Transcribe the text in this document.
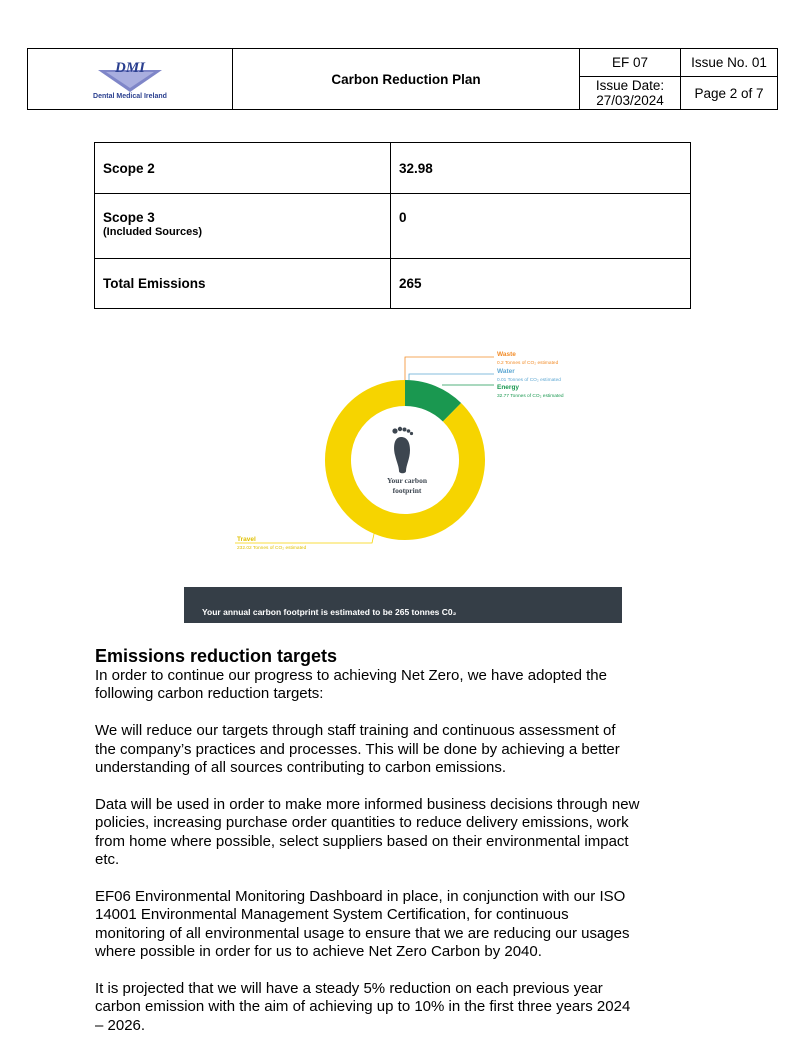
DMI
Dental Medical Ireland
Carbon Reduction Plan
EF 07	Issue No. 01
Issue Date:
27/03/2024	Page 2 of 7
Scope 2	32.98
Scope 3
(Included Sources)	0
Total Emissions	265
Waste
0.2 Tonnes of CO₂ estimated
Water
0.01 Tonnes of CO₂ estimated
Energy
32.77 Tonnes of CO₂ estimated
Travel
232.02 Tonnes of CO₂ estimated
Your carbon
footprint
Your annual carbon footprint is estimated to be 265 tonnes C0₂
Emissions reduction targets

In order to continue our progress to achieving Net Zero, we have adopted the following carbon reduction targets:

We will reduce our targets through staff training and continuous assessment of the company’s practices and processes. This will be done by achieving a better understanding of all sources contributing to carbon emissions.

Data will be used in order to make more informed business decisions through new policies, increasing purchase order quantities to reduce delivery emissions, work from home where possible, select suppliers based on their environmental impact etc.

EF06 Environmental Monitoring Dashboard in place, in conjunction with our ISO 14001 Environmental Management System Certification, for continuous monitoring of all environmental usage to ensure that we are reducing our usages where possible in order for us to achieve Net Zero Carbon by 2040.

It is projected that we will have a steady 5% reduction on each previous year carbon emission with the aim of achieving up to 10% in the first three years 2024 – 2026.
